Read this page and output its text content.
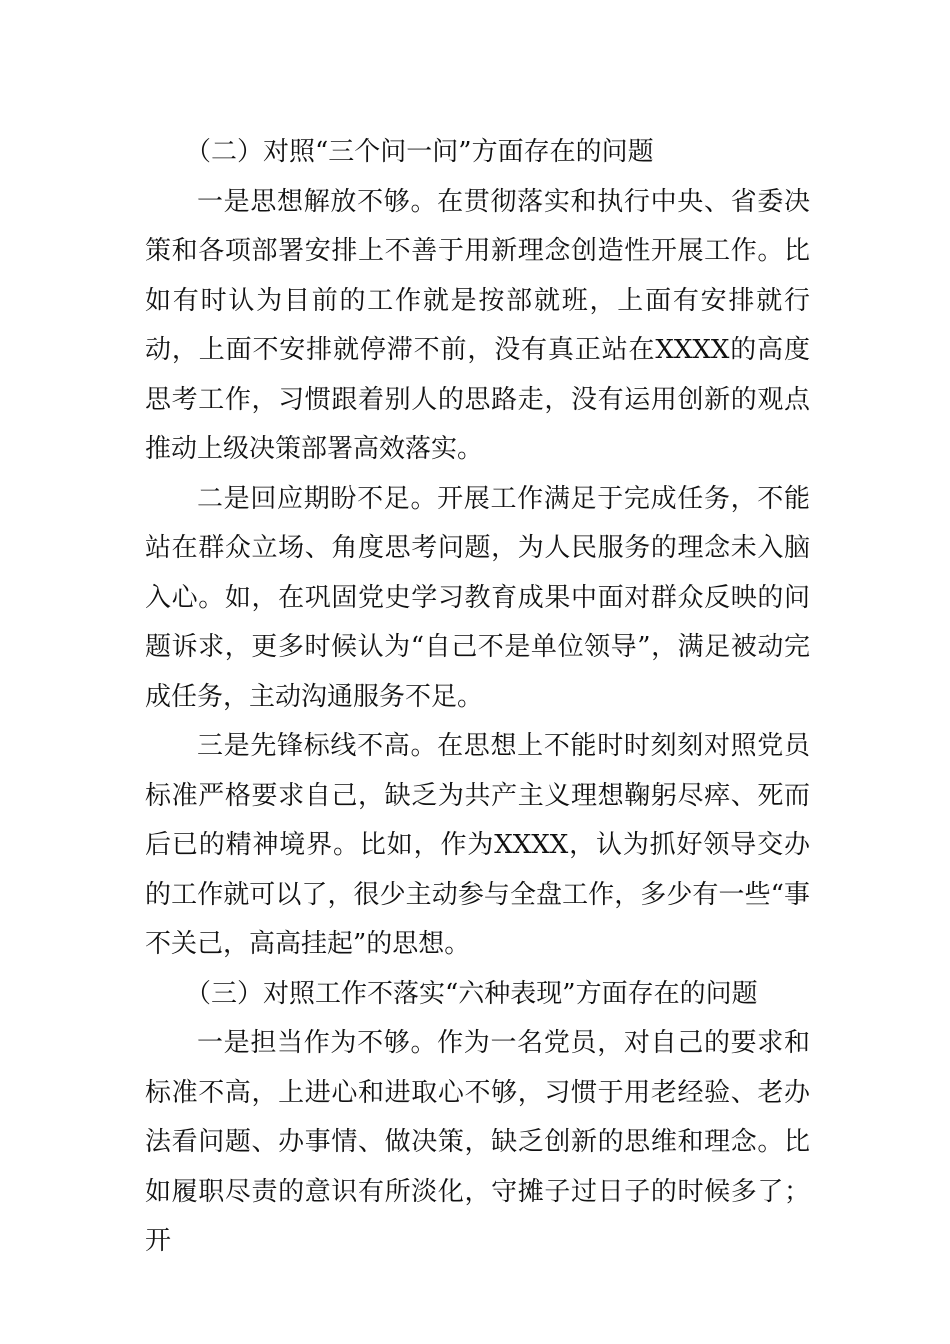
（二）对照“三个问一问”方面存在的问题

一是思想解放不够。在贯彻落实和执行中央、省委决策和各项部署安排上不善于用新理念创造性开展工作。比如有时认为目前的工作就是按部就班，上面有安排就行动，上面不安排就停滞不前，没有真正站在XXXX的高度思考工作，习惯跟着别人的思路走，没有运用创新的观点推动上级决策部署高效落实。

二是回应期盼不足。开展工作满足于完成任务，不能站在群众立场、角度思考问题，为人民服务的理念未入脑入心。如，在巩固党史学习教育成果中面对群众反映的问题诉求，更多时候认为“自己不是单位领导”，满足被动完成任务，主动沟通服务不足。

三是先锋标线不高。在思想上不能时时刻刻对照党员标准严格要求自己，缺乏为共产主义理想鞠躬尽瘁、死而后已的精神境界。比如，作为XXXX，认为抓好领导交办的工作就可以了，很少主动参与全盘工作，多少有一些“事不关己，高高挂起”的思想。

（三）对照工作不落实“六种表现”方面存在的问题

一是担当作为不够。作为一名党员，对自己的要求和标准不高，上进心和进取心不够，习惯于用老经验、老办法看问题、办事情、做决策，缺乏创新的思维和理念。比如履职尽责的意识有所淡化，守摊子过日子的时候多了；开
